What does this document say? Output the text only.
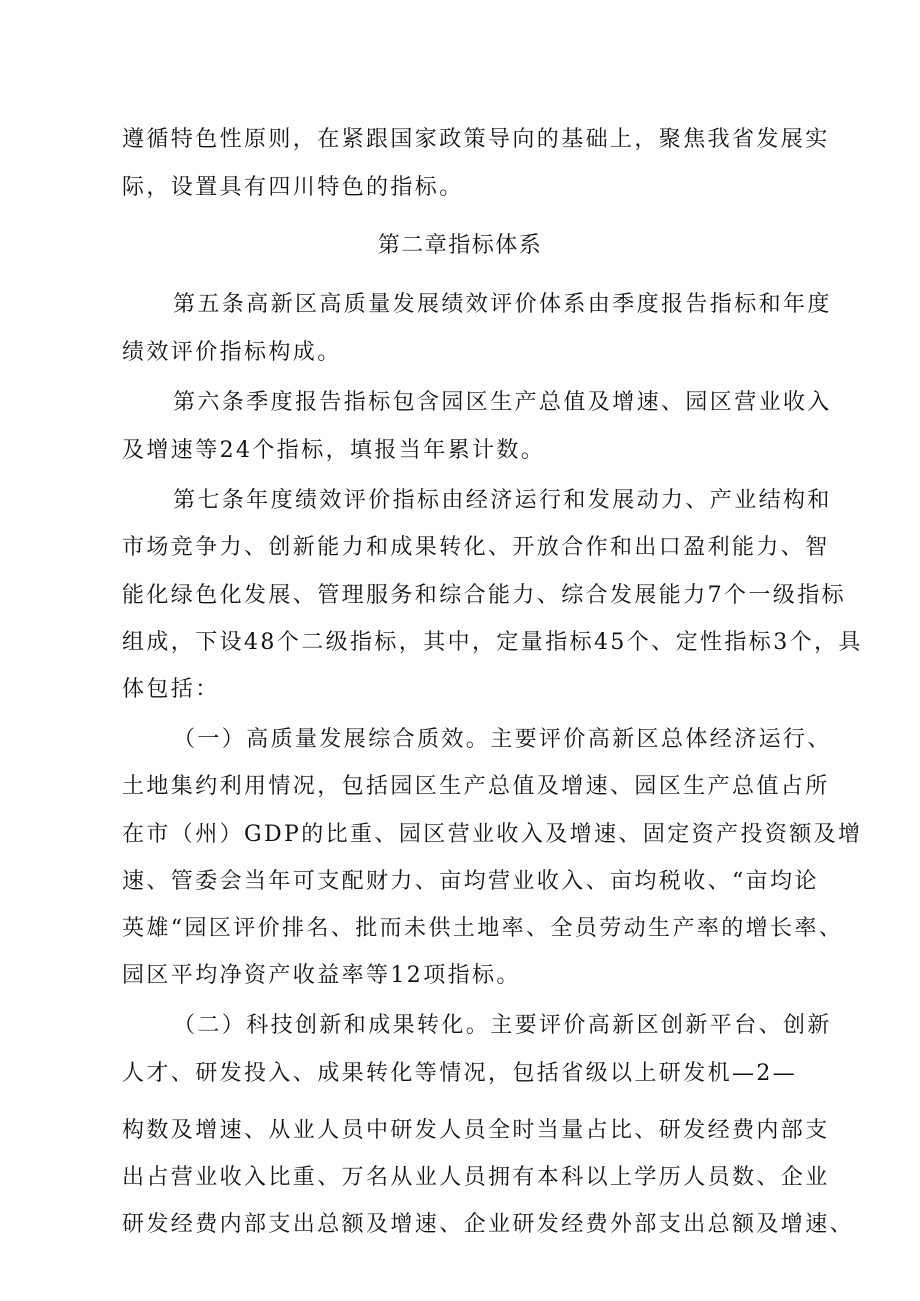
遵循特色性原则，在紧跟国家政策导向的基础上，聚焦我省发展实
际，设置具有四川特色的指标。
第二章指标体系
第五条高新区高质量发展绩效评价体系由季度报告指标和年度
绩效评价指标构成。
第六条季度报告指标包含园区生产总值及增速、园区营业收入
及增速等24个指标，填报当年累计数。
第七条年度绩效评价指标由经济运行和发展动力、产业结构和
市场竞争力、创新能力和成果转化、开放合作和出口盈利能力、智
能化绿色化发展、管理服务和综合能力、综合发展能力7个一级指标
组成，下设48个二级指标，其中，定量指标45个、定性指标3个，具
体包括：
（一）高质量发展综合质效。主要评价高新区总体经济运行、
土地集约利用情况，包括园区生产总值及增速、园区生产总值占所
在市（州）GDP的比重、园区营业收入及增速、固定资产投资额及增
速、管委会当年可支配财力、亩均营业收入、亩均税收、“亩均论
英雄“园区评价排名、批而未供土地率、全员劳动生产率的增长率、
园区平均净资产收益率等12项指标。
（二）科技创新和成果转化。主要评价高新区创新平台、创新
人才、研发投入、成果转化等情况，包括省级以上研发机—2—
构数及增速、从业人员中研发人员全时当量占比、研发经费内部支
出占营业收入比重、万名从业人员拥有本科以上学历人员数、企业
研发经费内部支出总额及增速、企业研发经费外部支出总额及增速、
